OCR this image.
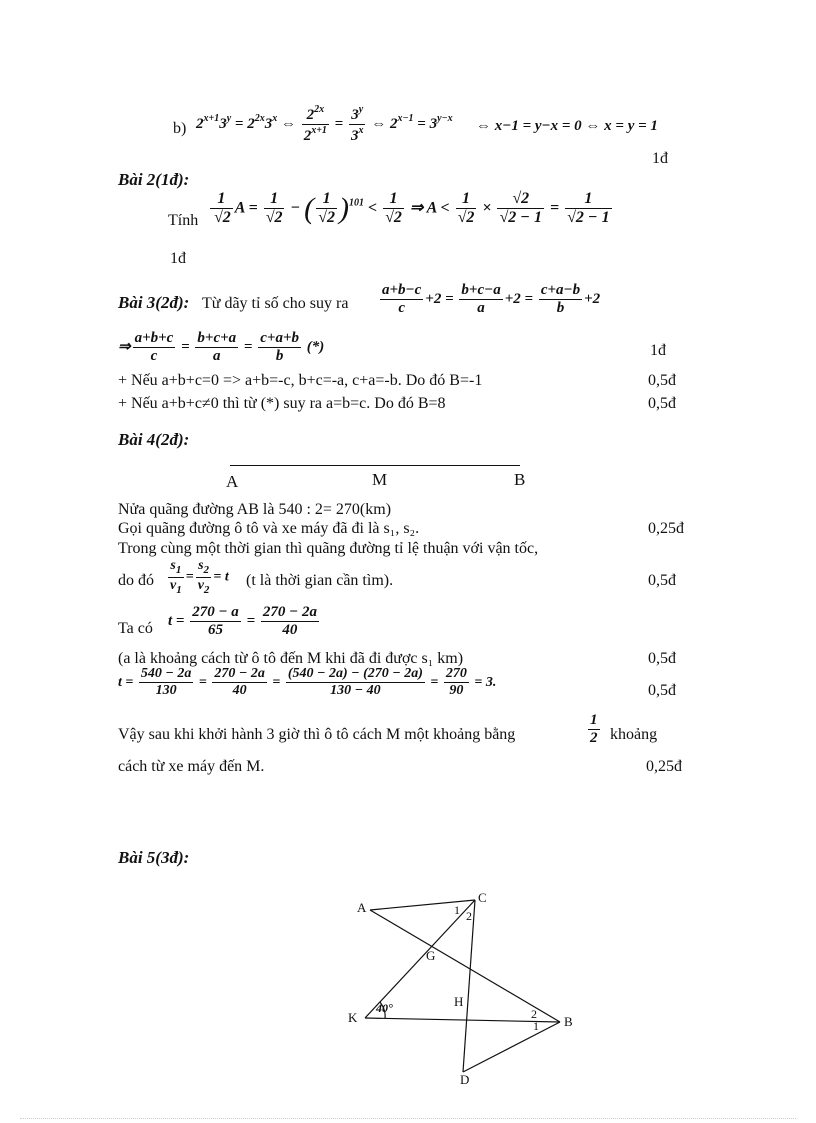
b) $2^{x+1}3^y = 2^{2x}3^x$ ⇔ $\frac{2^{2x}}{2^{x+1}} = \frac{3^y}{3^x}$ ⇔ $2^{x-1} = 3^{y-x}$ ⇔ x−1 = y−x = 0 ⇔ x = y = 1
1đ
Bài 2(1đ):
Tính $\frac{1}{√2}$ $A = \frac{1}{√2}$ − ( $\frac{1}{√2} )^{101} < \frac{1}{√2}$ ⇒ $A < \frac{1}{√2} \times \frac{√2}{√2 - 1} = \frac{1}{√2 - 1}$
1đ
Bài 3(2đ): Từ dãy tỉ số cho suy ra $\frac{a+b-c}{c} +2 = \frac{b+c-a}{a} +2 = \frac{c+a-b}{b} +2$
⇒ $\frac{a+b+c}{c} = \frac{b+c+a}{a} = \frac{c+a+b}{b}$ (*)	1đ
+ Nếu a+b+c=0 => a+b=-c, b+c=-a, c+a=-b. Do đó B=-1	0,5đ
+ Nếu a+b+c≠0 thì từ (*) suy ra a=b=c. Do đó B=8	0,5đ
Bài 4(2đ):
A	M	B
Nửa quãng đường AB là 540 : 2= 270(km)
Gọi quãng đường ô tô và xe máy đã đi là s₁, s₂.	0,25đ
Trong cùng một thời gian thì quãng đường tỉ lệ thuận với vận tốc,
do đó $\frac{s_1}{v_1} = \frac{s_2}{v_2} = t$ (t là thời gian cần tìm).	0,5đ
Ta có $t = \frac{270 - a}{65} = \frac{270 - 2a}{40}$
(a là khoảng cách từ ô tô đến M khi đã đi được s₁ km)	0,5đ
$t = \frac{540 - 2a}{130} = \frac{270 - 2a}{40} = \frac{(540 - 2a) - (270 - 2a)}{130 - 40} = \frac{270}{90} = 3$.	0,5đ
Vậy sau khi khởi hành 3 giờ thì ô tô cách M một khoảng bằng	$\frac{1}{2}$ khoảng
cách từ xe máy đến M.	0,25đ
Bài 5(3đ):
A
C
G
H
K	B
D
40°
1 2
2
1
